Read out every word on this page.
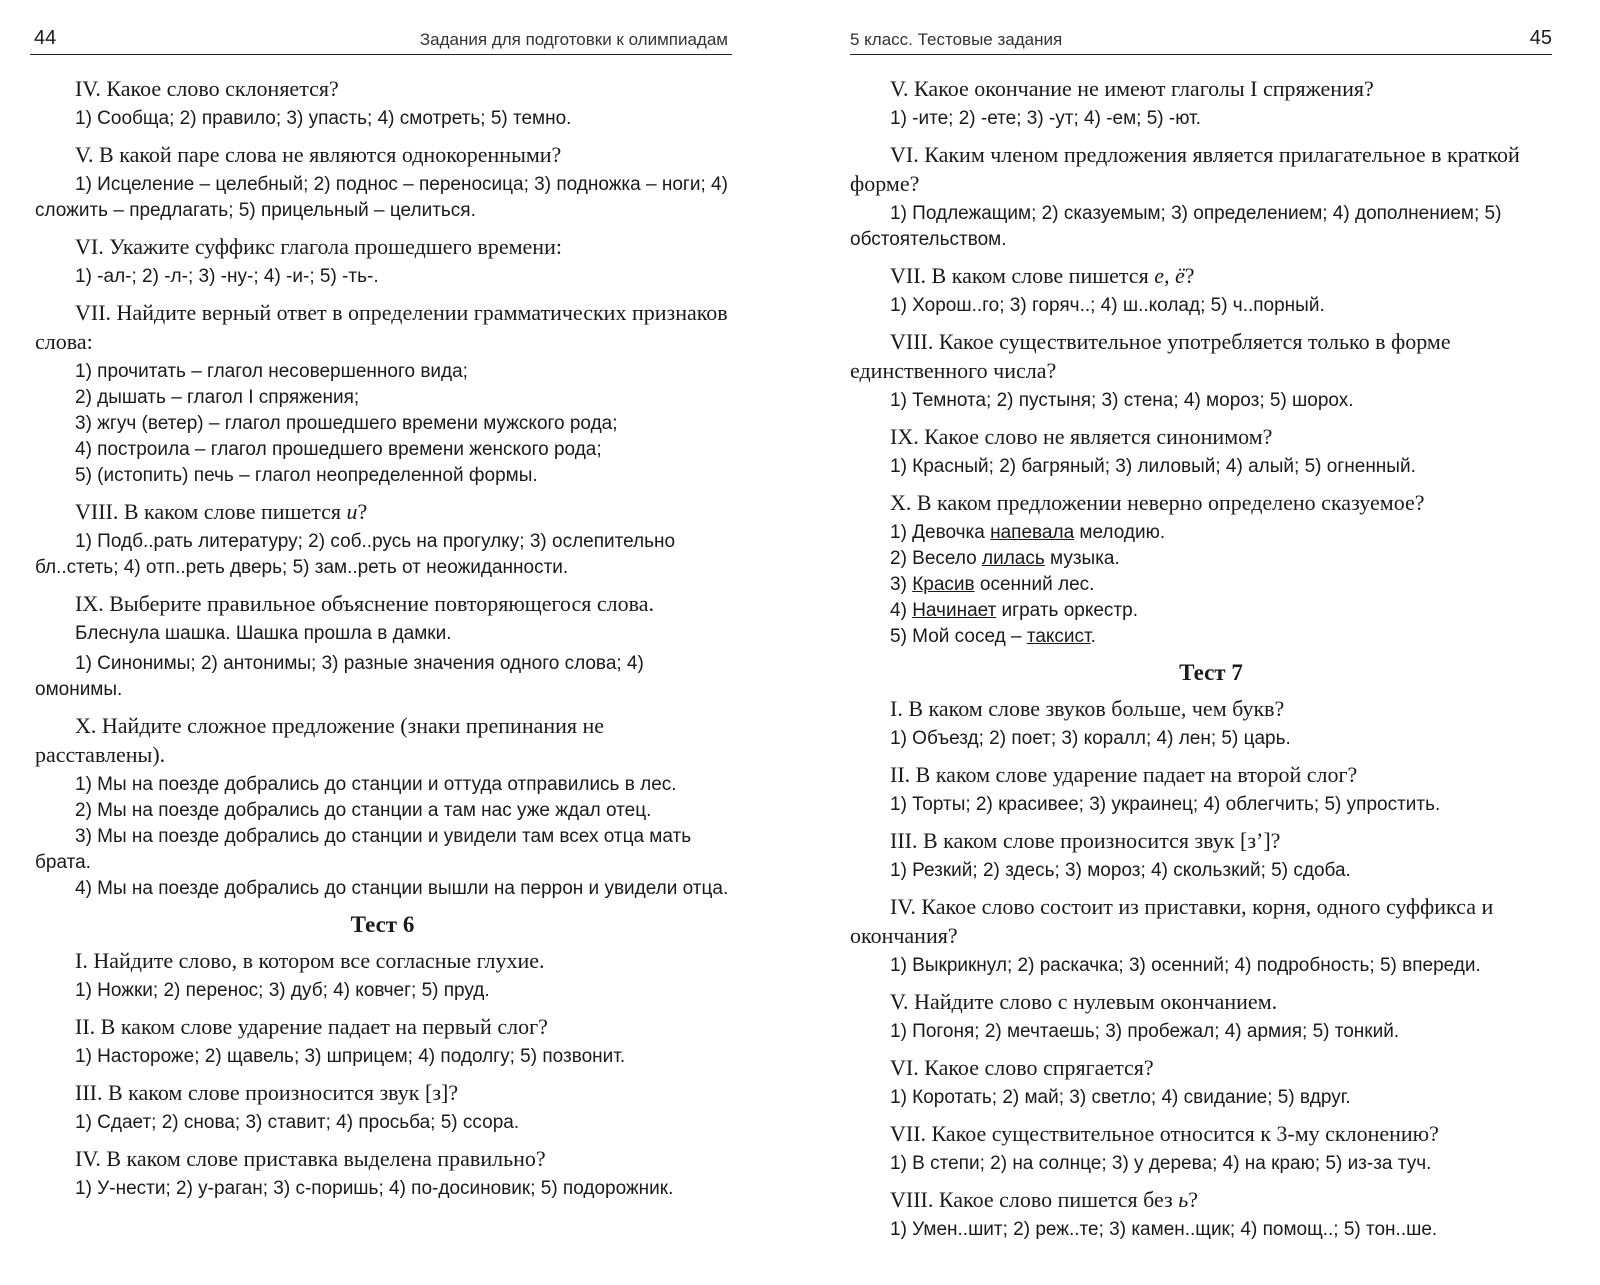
44	Задания для подготовки к олимпиадам

IV. Какое слово склоняется?

1) Сообща; 2) правило; 3) упасть; 4) смотреть; 5) темно.

V. В какой паре слова не являются однокоренными?

1) Исцеление – целебный; 2) поднос – переносица; 3) подножка – ноги; 4) сложить – предлагать; 5) прицельный – целиться.

VI. Укажите суффикс глагола прошедшего времени:

1) -ал-; 2) -л-; 3) -ну-; 4) -и-; 5) -ть-.

VII. Найдите верный ответ в определении грамматических признаков слова:

1) прочитать – глагол несовершенного вида;
2) дышать – глагол I спряжения;
3) жгуч (ветер) – глагол прошедшего времени мужского рода;
4) построила – глагол прошедшего времени женского рода;
5) (истопить) печь – глагол неопределенной формы.

VIII. В каком слове пишется и?

1) Подб..рать литературу; 2) соб..русь на прогулку; 3) ослепительно бл..стеть; 4) отп..реть дверь; 5) зам..реть от неожиданности.

IX. Выберите правильное объяснение повторяющегося слова.

Блеснула шашка. Шашка прошла в дамки.

1) Синонимы; 2) антонимы; 3) разные значения одного слова; 4) омонимы.

X. Найдите сложное предложение (знаки препинания не расставлены).

1) Мы на поезде добрались до станции и оттуда отправились в лес.

2) Мы на поезде добрались до станции а там нас уже ждал отец.

3) Мы на поезде добрались до станции и увидели там всех отца мать брата.

4) Мы на поезде добрались до станции вышли на перрон и увидели отца.

Тест 6

I. Найдите слово, в котором все согласные глухие.

1) Ножки; 2) перенос; 3) дуб; 4) ковчег; 5) пруд.

II. В каком слове ударение падает на первый слог?

1) Настороже; 2) щавель; 3) шприцем; 4) подолгу; 5) позвонит.

III. В каком слове произносится звук [з]?

1) Сдает; 2) снова; 3) ставит; 4) просьба; 5) ссора.

IV. В каком слове приставка выделена правильно?

1) У-нести; 2) у-раган; 3) с-поришь; 4) по-досиновик; 5) подорожник.

5 класс. Тестовые задания	45

V. Какое окончание не имеют глаголы I спряжения?

1) -ите; 2) -ете; 3) -ут; 4) -ем; 5) -ют.

VI. Каким членом предложения является прилагательное в краткой форме?

1) Подлежащим; 2) сказуемым; 3) определением; 4) дополнением; 5) обстоятельством.

VII. В каком слове пишется е, ё?

1) Хорош..го; 3) горяч..; 4) ш..колад; 5) ч..порный.

VIII. Какое существительное употребляется только в форме единственного числа?

1) Темнота; 2) пустыня; 3) стена; 4) мороз; 5) шорох.

IX. Какое слово не является синонимом?

1) Красный; 2) багряный; 3) лиловый; 4) алый; 5) огненный.

X. В каком предложении неверно определено сказуемое?

1) Девочка напевала мелодию.
2) Весело лилась музыка.
3) Красив осенний лес.
4) Начинает играть оркестр.
5) Мой сосед – таксист.
Тест 7

I. В каком слове звуков больше, чем букв?

1) Объезд; 2) поет; 3) коралл; 4) лен; 5) царь.

II. В каком слове ударение падает на второй слог?

1) Торты; 2) красивее; 3) украинец; 4) облегчить; 5) упростить.

III. В каком слове произносится звук [з’]?

1) Резкий; 2) здесь; 3) мороз; 4) скользкий; 5) сдоба.

IV. Какое слово состоит из приставки, корня, одного суффикса и окончания?

1) Выкрикнул; 2) раскачка; 3) осенний; 4) подробность; 5) впереди.

V. Найдите слово с нулевым окончанием.

1) Погоня; 2) мечтаешь; 3) пробежал; 4) армия; 5) тонкий.

VI. Какое слово спрягается?

1) Коротать; 2) май; 3) светло; 4) свидание; 5) вдруг.

VII. Какое существительное относится к 3-му склонению?

1) В степи; 2) на солнце; 3) у дерева; 4) на краю; 5) из-за туч.

VIII. Какое слово пишется без ь?

1) Умен..шит; 2) реж..те; 3) камен..щик; 4) помощ..; 5) тон..ше.
